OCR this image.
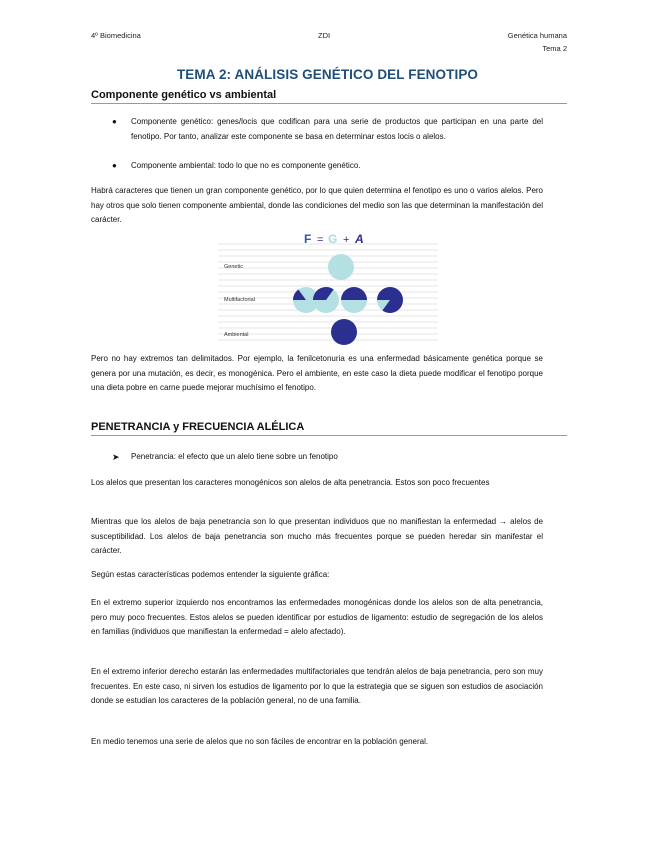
4º Biomedicina	ZDI	Genética humana
Tema 2
TEMA 2: ANÁLISIS GENÉTICO DEL FENOTIPO
Componente genético vs ambiental
● Componente genético: genes/locis que codifican para una serie de productos que participan en una parte del fenotipo. Por tanto, analizar este componente se basa en determinar estos locis o alelos.

● Componente ambiental: todo lo que no es componente genético.

Habrá caracteres que tienen un gran componente genético, por lo que quien determina el fenotipo es uno o varios alelos. Pero hay otros que solo tienen componente ambiental, donde las condiciones del medio son las que determinan la manifestación del carácter.

F = G + A
Genetic
Multifactorial
Ambiental

Pero no hay extremos tan delimitados. Por ejemplo, la fenilcetonuria es una enfermedad básicamente genética porque se genera por una mutación, es decir, es monogénica. Pero el ambiente, en este caso la dieta puede modificar el fenotipo porque una dieta pobre en carne puede mejorar muchísimo el fenotipo.

PENETRANCIA y FRECUENCIA ALÉLICA
➤ Penetrancia: el efecto que un alelo tiene sobre un fenotipo

Los alelos que presentan los caracteres monogénicos son alelos de alta penetrancia. Estos son poco frecuentes

Mientras que los alelos de baja penetrancia son lo que presentan individuos que no manifiestan la enfermedad → alelos de susceptibilidad. Los alelos de baja penetrancia son mucho más frecuentes porque se pueden heredar sin manifestar el carácter.

Según estas características podemos entender la siguiente gráfica:

En el extremo superior izquierdo nos encontramos las enfermedades monogénicas donde los alelos son de alta penetrancia, pero muy poco frecuentes. Estos alelos se pueden identificar por estudios de ligamento: estudio de segregación de los alelos en familias (individuos que manifiestan la enfermedad = alelo afectado).

En el extremo inferior derecho estarán las enfermedades multifactoriales que tendrán alelos de baja penetrancia, pero son muy frecuentes. En este caso, ni sirven los estudios de ligamento por lo que la estrategia que se siguen son estudios de asociación donde se estudian los caracteres de la población general, no de una familia.

En medio tenemos una serie de alelos que no son fáciles de encontrar en la población general.
